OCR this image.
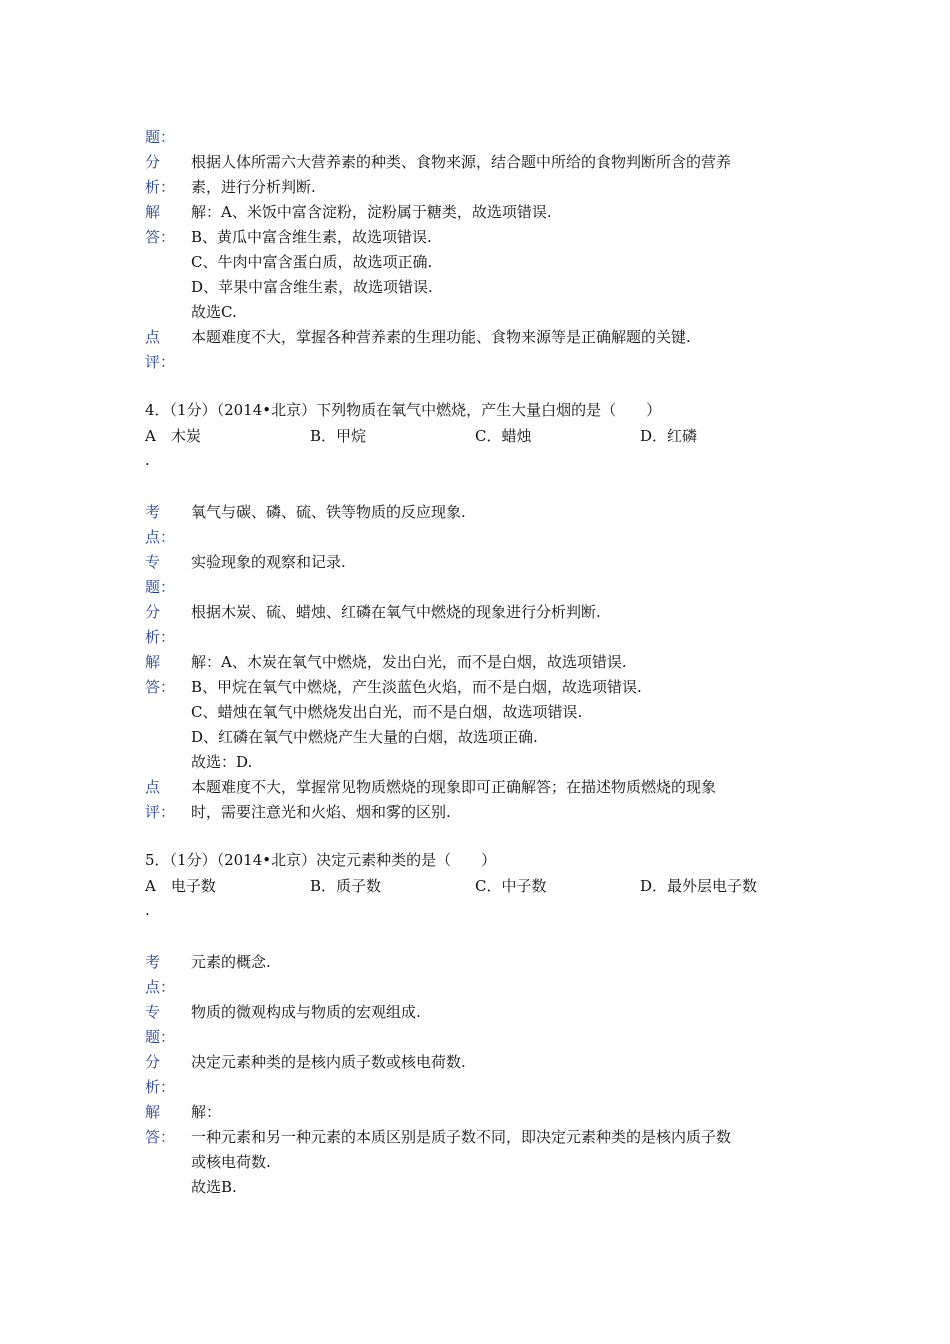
题：
分 根据人体所需六大营养素的种类、食物来源，结合题中所给的食物判断所含的营养
析： 素，进行分析判断.
解 解：A、米饭中富含淀粉，淀粉属于糖类，故选项错误.
答： B、黄瓜中富含维生素，故选项错误.
C、牛肉中富含蛋白质，故选项正确.
D、苹果中富含维生素，故选项错误.
故选C.
点 本题难度不大，掌握各种营养素的生理功能、食物来源等是正确解题的关键.
评：
4．（1分）（2014•北京）下列物质在氧气中燃烧，产生大量白烟的是（　　）
A　木炭	B．甲烷	C．蜡烛	D．红磷
.
考 氧气与碳、磷、硫、铁等物质的反应现象.
点：
专 实验现象的观察和记录.
题：
分 根据木炭、硫、蜡烛、红磷在氧气中燃烧的现象进行分析判断.
析：
解 解：A、木炭在氧气中燃烧，发出白光，而不是白烟，故选项错误.
答： B、甲烷在氧气中燃烧，产生淡蓝色火焰，而不是白烟，故选项错误.
C、蜡烛在氧气中燃烧发出白光，而不是白烟，故选项错误.
D、红磷在氧气中燃烧产生大量的白烟，故选项正确.
故选：D.
点 本题难度不大，掌握常见物质燃烧的现象即可正确解答；在描述物质燃烧的现象
评： 时，需要注意光和火焰、烟和雾的区别.
5．（1分）（2014•北京）决定元素种类的是（　　）
A　电子数	B．质子数	C．中子数	D．最外层电子数
.
考 元素的概念.
点：
专 物质的微观构成与物质的宏观组成.
题：
分 决定元素种类的是核内质子数或核电荷数.
析：
解 解：
答： 一种元素和另一种元素的本质区别是质子数不同，即决定元素种类的是核内质子数
或核电荷数.
故选B.
